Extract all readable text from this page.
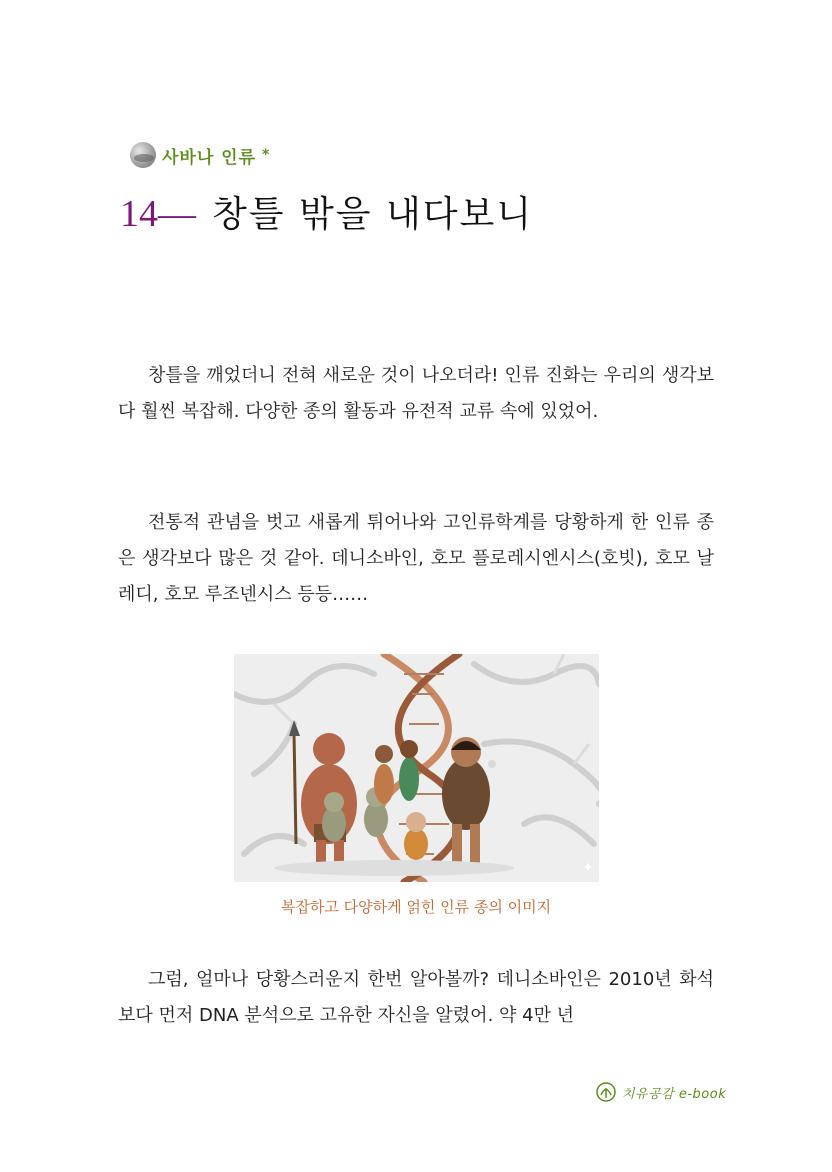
사바나 인류 *
14 — 창틀 밖을 내다보니

창틀을 깨었더니 전혀 새로운 것이 나오더라! 인류 진화는 우리의 생각보다 훨씬 복잡해. 다양한 종의 활동과 유전적 교류 속에 있었어.

전통적 관념을 벗고 새롭게 튀어나와 고인류학계를 당황하게 한 인류 종은 생각보다 많은 것 같아. 데니소바인, 호모 플로레시엔시스(호빗), 호모 날레디, 호모 루조넨시스 등등……

✦
복잡하고 다양하게 얽힌 인류 종의 이미지

그럼, 얼마나 당황스러운지 한번 알아볼까? 데니소바인은 2010년 화석보다 먼저 DNA 분석으로 고유한 자신을 알렸어. 약 4만 년

치유공감 e-book
